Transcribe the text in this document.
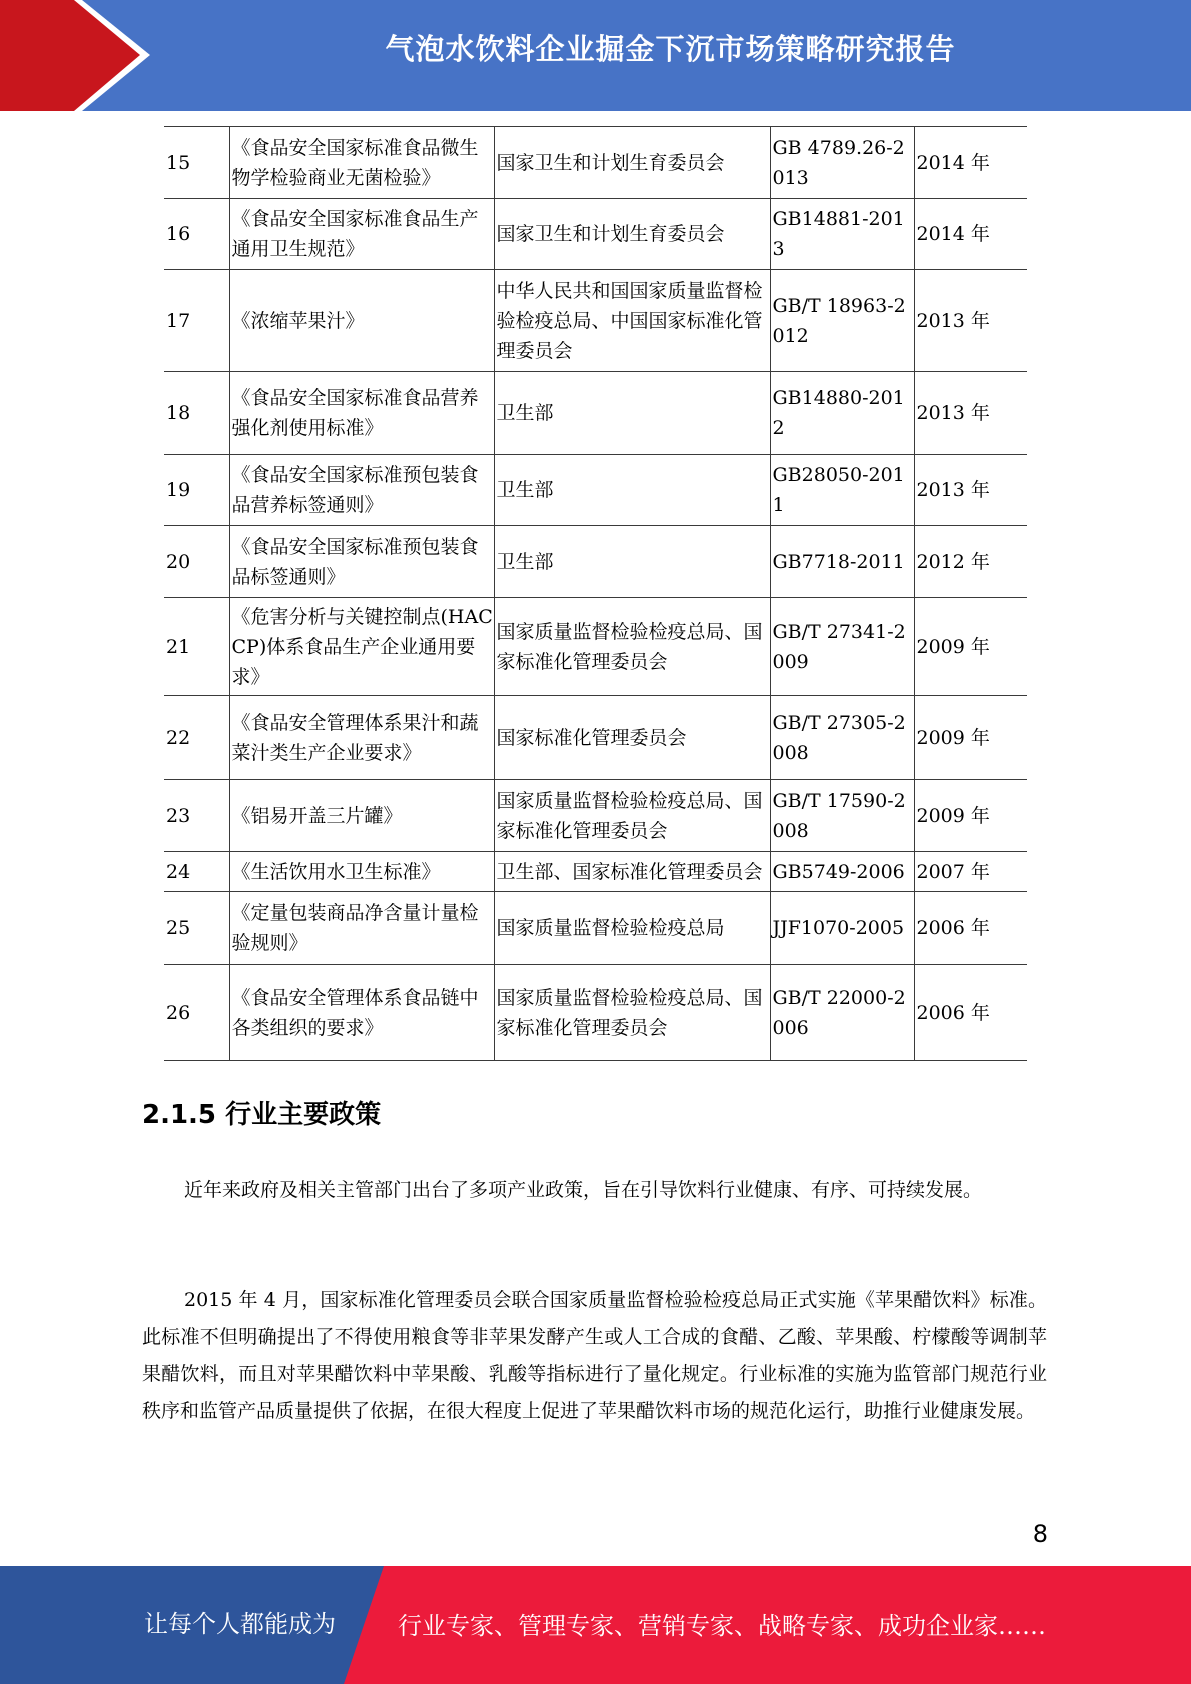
气泡水饮料企业掘金下沉市场策略研究报告
15	《食品安全国家标准食品微生物学检验商业无菌检验》	国家卫生和计划生育委员会	GB 4789.26-2013	2014 年
16	《食品安全国家标准食品生产通用卫生规范》	国家卫生和计划生育委员会	GB14881-2013	2014 年
17	《浓缩苹果汁》	中华人民共和国国家质量监督检验检疫总局、中国国家标准化管理委员会	GB/T 18963-2012	2013 年
18	《食品安全国家标准食品营养强化剂使用标准》	卫生部	GB14880-2012	2013 年
19	《食品安全国家标准预包装食品营养标签通则》	卫生部	GB28050-2011	2013 年
20	《食品安全国家标准预包装食品标签通则》	卫生部	GB7718-2011	2012 年
21	《危害分析与关键控制点(HACCP)体系食品生产企业通用要求》	国家质量监督检验检疫总局、国家标准化管理委员会	GB/T 27341-2009	2009 年
22	《食品安全管理体系果汁和蔬菜汁类生产企业要求》	国家标准化管理委员会	GB/T 27305-2008	2009 年
23	《铝易开盖三片罐》	国家质量监督检验检疫总局、国家标准化管理委员会	GB/T 17590-2008	2009 年
24	《生活饮用水卫生标准》	卫生部、国家标准化管理委员会	GB5749-2006	2007 年
25	《定量包装商品净含量计量检验规则》	国家质量监督检验检疫总局	JJF1070-2005	2006 年
26	《食品安全管理体系食品链中各类组织的要求》	国家质量监督检验检疫总局、国家标准化管理委员会	GB/T 22000-2006	2006 年
2.1.5 行业主要政策

近年来政府及相关主管部门出台了多项产业政策，旨在引导饮料行业健康、有序、可持续发展。

2015 年 4 月，国家标准化管理委员会联合国家质量监督检验检疫总局正式实施《苹果醋饮料》标准。此标准不但明确提出了不得使用粮食等非苹果发酵产生或人工合成的食醋、乙酸、苹果酸、柠檬酸等调制苹果醋饮料，而且对苹果醋饮料中苹果酸、乳酸等指标进行了量化规定。行业标准的实施为监管部门规范行业秩序和监管产品质量提供了依据，在很大程度上促进了苹果醋饮料市场的规范化运行，助推行业健康发展。

8
让每个人都能成为	行业专家、管理专家、营销专家、战略专家、成功企业家……
